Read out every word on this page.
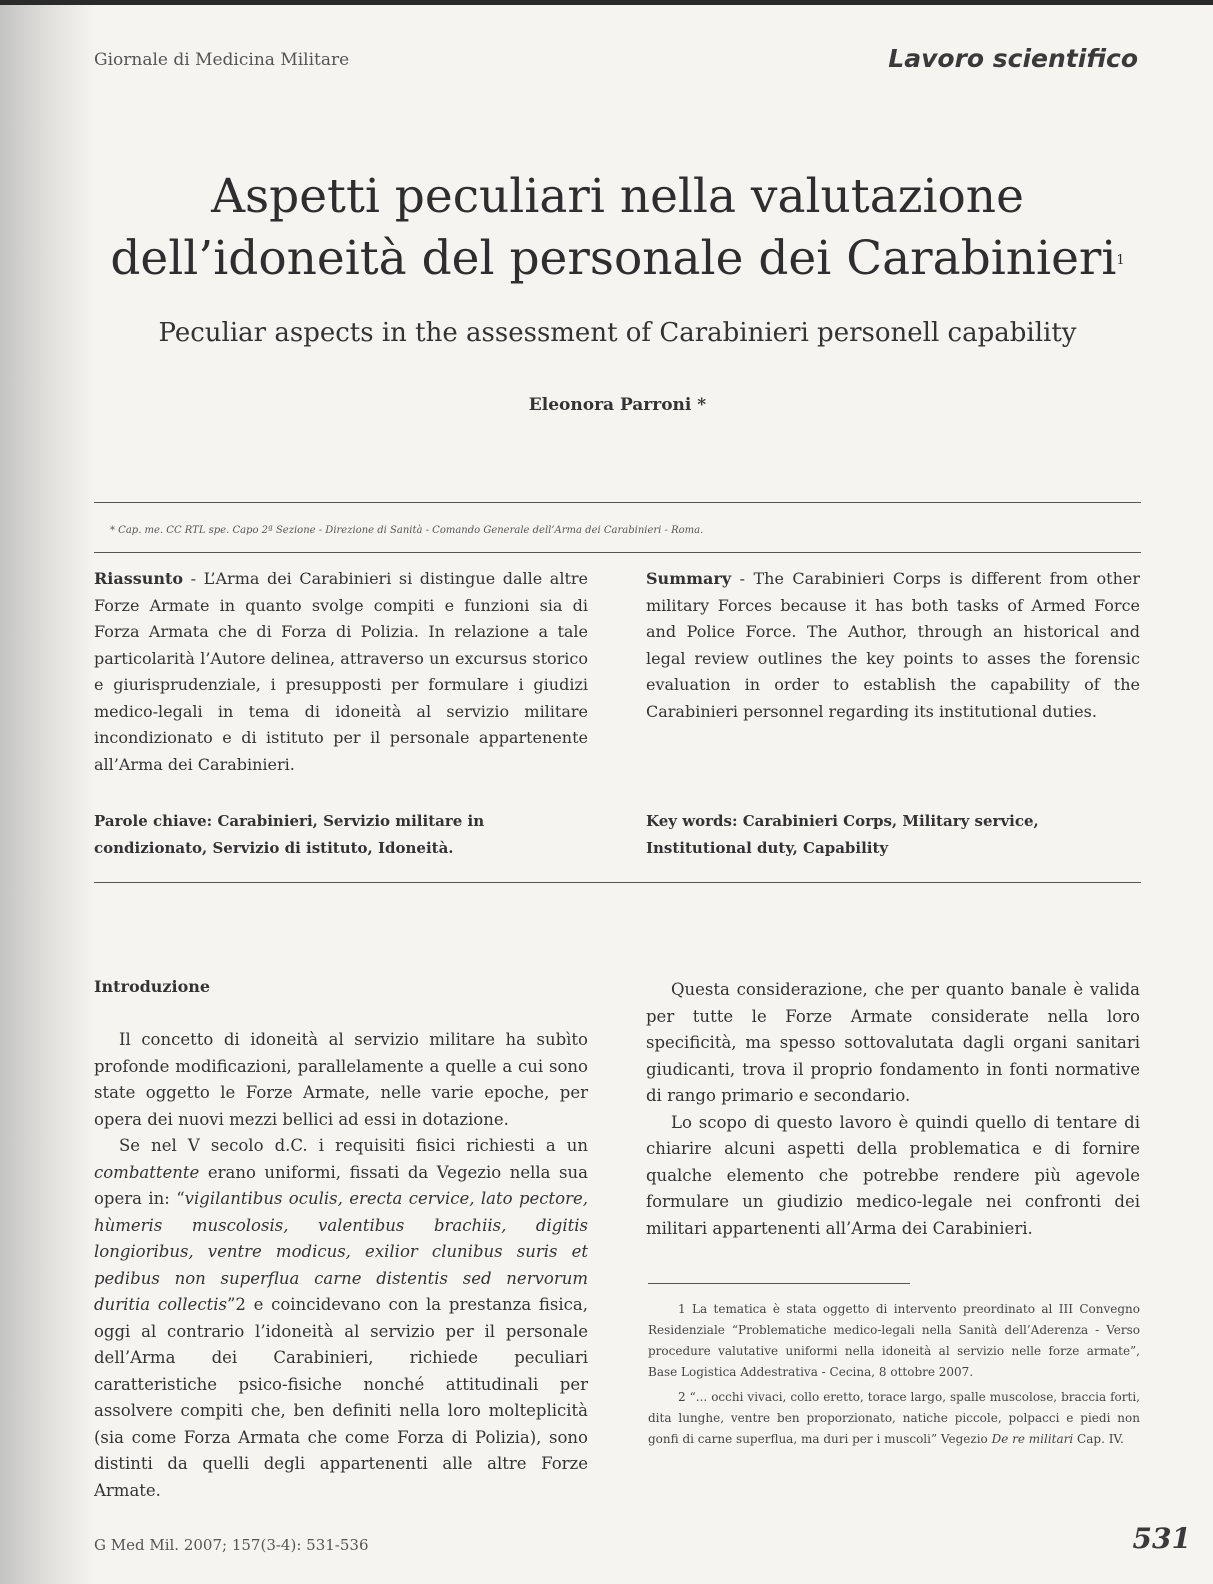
Giornale di Medicina Militare	Lavoro scientifico
Aspetti peculiari nella valutazione
dell’idoneità del personale dei Carabinieri$^1$
Peculiar aspects in the assessment of Carabinieri personell capability
Eleonora Parroni *
* Cap. me. CC RTL spe. Capo 2ª Sezione - Direzione di Sanità - Comando Generale dell’Arma dei Carabinieri - Roma.
Riassunto - L’Arma dei Carabinieri si distingue dalle altre Forze Armate in quanto svolge compiti e funzioni sia di Forza Armata che di Forza di Polizia. In relazione a tale particolarità l’Autore delinea, attraverso un excursus storico e giurisprudenziale, i presupposti per formulare i giudizi medico-legali in tema di idoneità al servizio militare incondizionato e di istituto per il personale appartenente all’Arma dei Carabinieri.
Parole chiave: Carabinieri, Servizio militare in condizionato, Servizio di istituto, Idoneità.
Summary - The Carabinieri Corps is different from other military Forces because it has both tasks of Armed Force and Police Force. The Author, through an historical and legal review outlines the key points to asses the forensic evaluation in order to establish the capability of the Carabinieri personnel regarding its institutional duties.
Key words: Carabinieri Corps, Military service, Institutional duty, Capability
Introduzione

Il concetto di idoneità al servizio militare ha subìto profonde modificazioni, parallelamente a quelle a cui sono state oggetto le Forze Armate, nelle varie epoche, per opera dei nuovi mezzi bellici ad essi in dotazione.

Se nel V secolo d.C. i requisiti fisici richiesti a un combattente erano uniformi, fissati da Vegezio nella sua opera in: “vigilantibus oculis, erecta cervice, lato pectore, hùmeris muscolosis, valentibus brachiis, digitis longioribus, ventre modicus, exilior clunibus suris et pedibus non superflua carne distentis sed nervorum duritia collectis”2 e coincidevano con la prestanza fisica, oggi al contrario l’idoneità al servizio per il personale dell’Arma dei Carabinieri, richiede peculiari caratteristiche psico-fisiche nonché attitudinali per assolvere compiti che, ben definiti nella loro molteplicità (sia come Forza Armata che come Forza di Polizia), sono distinti da quelli degli appartenenti alle altre Forze Armate.

Questa considerazione, che per quanto banale è valida per tutte le Forze Armate considerate nella loro specificità, ma spesso sottovalutata dagli organi sanitari giudicanti, trova il proprio fondamento in fonti normative di rango primario e secondario.

Lo scopo di questo lavoro è quindi quello di tentare di chiarire alcuni aspetti della problematica e di fornire qualche elemento che potrebbe rendere più agevole formulare un giudizio medico-legale nei confronti dei militari appartenenti all’Arma dei Carabinieri.

1 La tematica è stata oggetto di intervento preordinato al III Convegno Residenziale “Problematiche medico-legali nella Sanità dell’Aderenza - Verso procedure valutative uniformi nella idoneità al servizio nelle forze armate”, Base Logistica Addestrativa - Cecina, 8 ottobre 2007.

2 “... occhi vivaci, collo eretto, torace largo, spalle muscolose, braccia forti, dita lunghe, ventre ben proporzionato, natiche piccole, polpacci e piedi non gonfi di carne superflua, ma duri per i muscoli” Vegezio De re militari Cap. IV.

G Med Mil. 2007; 157(3-4): 531-536	531
